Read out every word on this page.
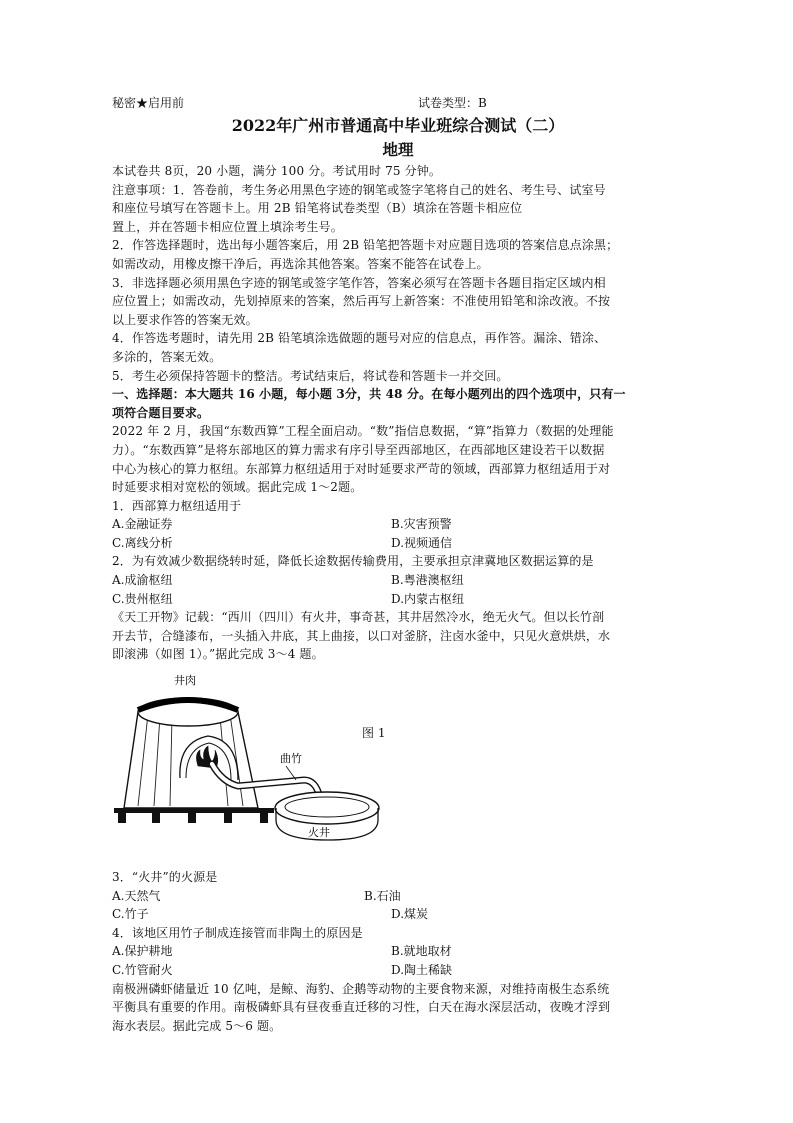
秘密★启用前	试卷类型：B
2022年广州市普通高中毕业班综合测试（二）
地理
本试卷共 8页，20 小题，满分 100 分。考试用时 75 分钟。
注意事项：1．答卷前，考生务必用黑色字迹的钢笔或签字笔将自己的姓名、考生号、试室号
和座位号填写在答题卡上。用 2B 铅笔将试卷类型（B）填涂在答题卡相应位
置上，并在答题卡相应位置上填涂考生号。
2．作答选择题时，选出每小题答案后，用 2B 铅笔把答题卡对应题目选项的答案信息点涂黑；
如需改动，用橡皮擦干净后，再选涂其他答案。答案不能答在试卷上。
3．非选择题必须用黑色字迹的钢笔或签字笔作答，答案必须写在答题卡各题目指定区域内相
应位置上；如需改动，先划掉原来的答案，然后再写上新答案：不准使用铅笔和涂改液。不按
以上要求作答的答案无效。
4．作答选考题时，请先用 2B 铅笔填涂选做题的题号对应的信息点，再作答。漏涂、错涂、
多涂的，答案无效。
5．考生必须保持答题卡的整洁。考试结束后，将试卷和答题卡一并交回。
一、选择题：本大题共 16 小题，每小题 3分，共 48 分。在每小题列出的四个选项中，只有一
项符合题目要求。
2022 年 2 月，我国“东数西算”工程全面启动。“数”指信息数据，“算”指算力（数据的处理能
力）。“东数西算”是将东部地区的算力需求有序引导至西部地区，在西部地区建设若干以数据
中心为核心的算力枢纽。东部算力枢纽适用于对时延要求严苛的领域，西部算力枢纽适用于对
时延要求相对宽松的领域。据此完成 1～2题。
1．西部算力枢纽适用于
A.金融证券	B.灾害预警
C.离线分析	D.视频通信
2．为有效减少数据绕转时延，降低长途数据传输费用，主要承担京津冀地区数据运算的是
A.成渝枢纽	B.粤港澳枢纽
C.贵州枢纽	D.内蒙古枢纽
《天工开物》记载：“西川（四川）有火井，事奇甚，其井居然冷水，绝无火气。但以长竹剖
开去节，合缝漆布，一头插入井底，其上曲接，以口对釜脐，注卤水釜中，只见火意烘烘，水
即滚沸（如图 1）。”据此完成 3～4 题。
井肉
曲竹
火井
图 1
3．“火井”的火源是
A.天然气	B.石油
C.竹子	D.煤炭
4．该地区用竹子制成连接管而非陶土的原因是
A.保护耕地	B.就地取材
C.竹管耐火	D.陶土稀缺
南极洲磷虾储量近 10 亿吨，是鲸、海豹、企鹅等动物的主要食物来源，对维持南极生态系统
平衡具有重要的作用。南极磷虾具有昼夜垂直迁移的习性，白天在海水深层活动，夜晚才浮到
海水表层。据此完成 5～6 题。
